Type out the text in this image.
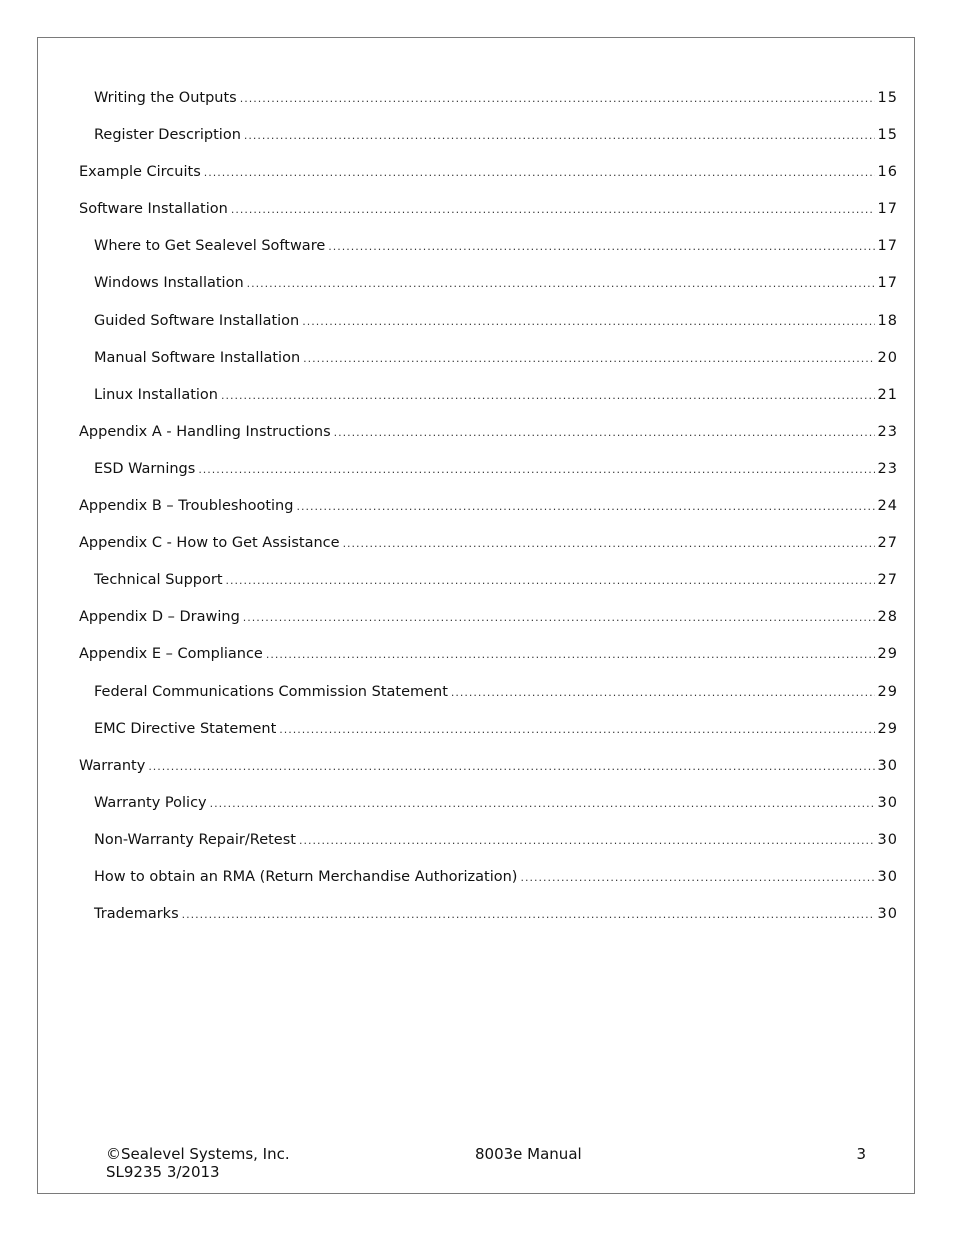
Writing the Outputs .....	15
Register Description .....	15
Example Circuits .....	16
Software Installation .....	17
Where to Get Sealevel Software .....	17
Windows Installation .....	17
Guided Software Installation .....	18
Manual Software Installation .....	20
Linux Installation .....	21
Appendix A - Handling Instructions .....	23
ESD Warnings .....	23
Appendix B – Troubleshooting .....	24
Appendix C - How to Get Assistance .....	27
Technical Support .....	27
Appendix D – Drawing .....	28
Appendix E – Compliance .....	29
Federal Communications Commission Statement .....	29
EMC Directive Statement .....	29
Warranty .....	30
Warranty Policy .....	30
Non-Warranty Repair/Retest .....	30
How to obtain an RMA (Return Merchandise Authorization) .....	30
Trademarks .....	30
©Sealevel Systems, Inc.
SL9235 3/2013
8003e Manual	3
